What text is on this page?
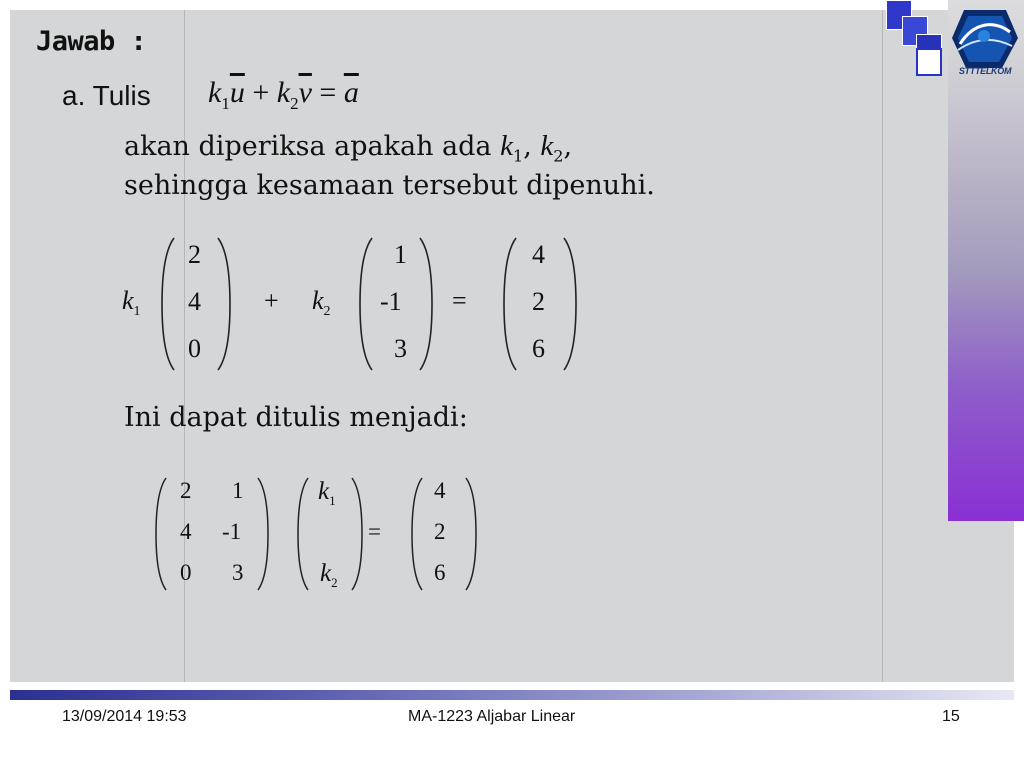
STTTELKOM
Jawab :
a. Tulis $k_1\overline{u} + k_2\overline{v} = \overline{a}$
akan diperiksa apakah ada $k_1$, $k_2$,
sehingga kesamaan tersebut dipenuhi.
$k_1$
2
4
0
+ $k_2$
1
-1
3
=
4
2
6
Ini dapat ditulis menjadi:
2 1
4 -1
0 3
$k_1$
$k_2$
=
4
2
6
13/09/2014 19:53	MA-1223 Aljabar Linear	15
